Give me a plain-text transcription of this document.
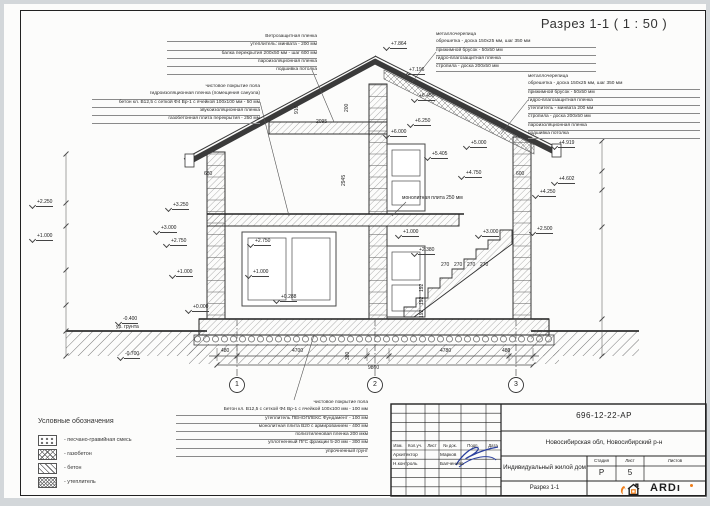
Разрез 1-1 ( 1 : 50 )
Ветрозащитная пленка
утеплитель: минвата - 200 мм
балка перекрытия 200х50 мм - шаг 600 мм
пароизоляционная пленка
подшивка потолка
чистовое покрытие пола
гидроизоляционная пленка (помещения санузла)
бетон кл. В12,5 с сеткой Ф4 Вр-1 с ячейкой 100х100 мм - 50 мм
звукоизоляционная пленка
газобетонная плита перекрытия - 250 мм
металлочерепица
обрешетка - доска 150х25 мм, шаг 350 мм
прижимной брусок - 50х50 мм
гидро-влагозащитная пленка
стропила - доска 200х50 мм
металлочерепица
обрешетка - доска 150х25 мм, шаг 350 мм
прижимной брусок - 50х50 мм
гидро-влагозащитная пленка
утеплитель - минвата 200 мм
стропила - доска 200х50 мм
пароизоляционная пленка
подшивка потолка
чистовое покрытие пола
Бетон кл. В12,5 с сеткой Ф4 Вр-1 с ячейкой 100х100 мм - 100 мм
утеплитель ПЕНОПЛЕКС Фундамент - 100 мм
монолитная плита В20 с армированием - 400 мм
полиэтиленовая пленка 200 мкм
уплотненный ПГС фракции 5-20 мм - 300 мм
упрочненный грунт
+7.864
+7.196
+6.450
+6.250
+6.000
+5.405
+5.000	+4.919
+4.750
+4.602
+4.250
+2.500
+3.250
+3.000
+2.750	+2.750
+1.000	+1.000
+1.000	+3.000
+2.380
+0.288
+0.000
-0.400
ур. грунта
-0.700
+2.250
+1.000
монолитная плита 250 мм
2095
916	200
680	600
2945
480	4700
380
4780	480
9860
270 270 270 270
192
192
192
1	2	3
Условные обозначения
- песчано-гравийная смесь
- газобетон
- бетон
- утеплитель
696-12-22-АР
Новосибирская обл, Новосибирский р-н
Индивидуальный жилой дом
Разрез 1-1
Стадия	Лист	Листов
Р	5
Изм.	Кол.уч.	Лист	№ док.	Подп.	Дата
Архитектор	Марков
Н.контроль	Балченева
ARDı
